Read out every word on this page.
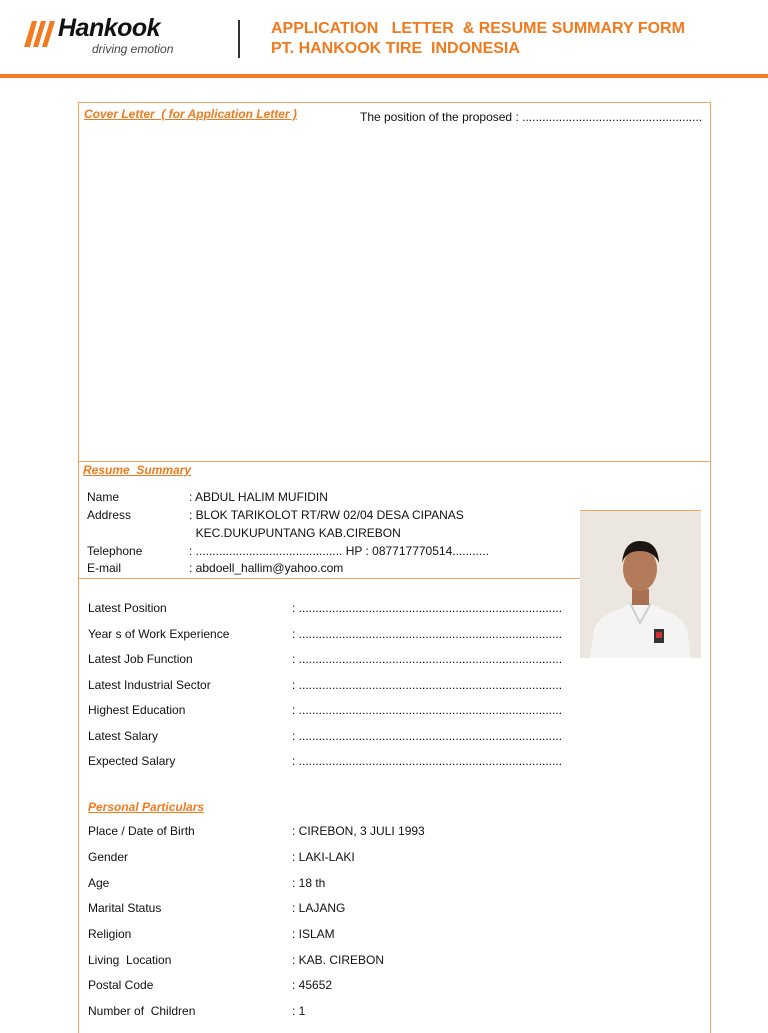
Hankook
driving emotion
APPLICATION   LETTER  & RESUME SUMMARY FORM
PT. HANKOOK TIRE  INDONESIA
Cover Letter  ( for Application Letter )	The position of the proposed : ......................................................
Resume  Summary
Name	: ABDUL HALIM MUFIDIN
Address	: BLOK TARIKOLOT RT/RW 02/04 DESA CIPANAS
KEC.DUKUPUNTANG KAB.CIREBON
Telephone	: ............................................ HP : 087717770514...........
E-mail	: abdoell_hallim@yahoo.com
Latest Position	: ...............................................................................
Year s of Work Experience	: ...............................................................................
Latest Job Function	: ...............................................................................
Latest Industrial Sector	: ...............................................................................
Highest Education	: ...............................................................................
Latest Salary	: ...............................................................................
Expected Salary	: ...............................................................................
Personal Particulars
Place / Date of Birth	: CIREBON, 3 JULI 1993
Gender	: LAKI-LAKI
Age	: 18 th
Marital Status	: LAJANG
Religion	: ISLAM
Living  Location	: KAB. CIREBON
Postal Code	: 45652
Number of  Children	: 1
